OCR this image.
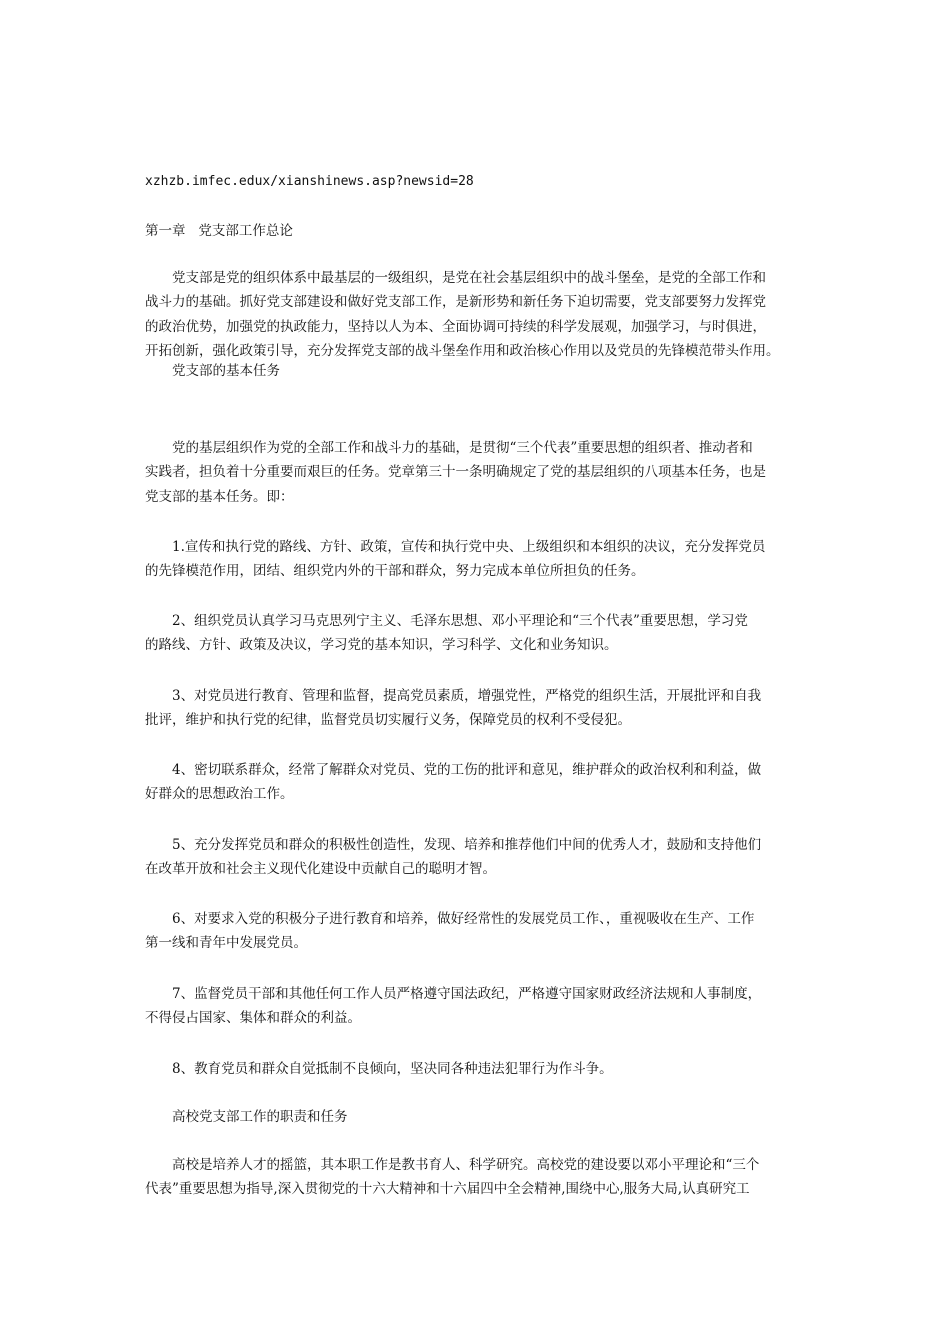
xzhzb.imfec.edux/xianshinews.asp?newsid=28
第一章   党支部工作总论
党支部是党的组织体系中最基层的一级组织，是党在社会基层组织中的战斗堡垒，是党的全部工作和
战斗力的基础。抓好党支部建设和做好党支部工作，是新形势和新任务下迫切需要，党支部要努力发挥党
的政治优势，加强党的执政能力，坚持以人为本、全面协调可持续的科学发展观，加强学习，与时俱进，
开拓创新，强化政策引导，充分发挥党支部的战斗堡垒作用和政治核心作用以及党员的先锋模范带头作用。
党支部的基本任务
党的基层组织作为党的全部工作和战斗力的基础，是贯彻“三个代表”重要思想的组织者、推动者和
实践者，担负着十分重要而艰巨的任务。党章第三十一条明确规定了党的基层组织的八项基本任务，也是
党支部的基本任务。即：
1.宣传和执行党的路线、方针、政策，宣传和执行党中央、上级组织和本组织的决议，充分发挥党员
的先锋模范作用，团结、组织党内外的干部和群众，努力完成本单位所担负的任务。
2、组织党员认真学习马克思列宁主义、毛泽东思想、邓小平理论和“三个代表”重要思想，学习党
的路线、方针、政策及决议，学习党的基本知识，学习科学、文化和业务知识。
3、对党员进行教育、管理和监督，提高党员素质，增强党性，严格党的组织生活，开展批评和自我
批评，维护和执行党的纪律，监督党员切实履行义务，保障党员的权利不受侵犯。
4、密切联系群众，经常了解群众对党员、党的工伤的批评和意见，维护群众的政治权利和利益，做
好群众的思想政治工作。
5、充分发挥党员和群众的积极性创造性，发现、培养和推荐他们中间的优秀人才，鼓励和支持他们
在改革开放和社会主义现代化建设中贡献自己的聪明才智。
6、对要求入党的积极分子进行教育和培养，做好经常性的发展党员工作、，重视吸收在生产、工作
第一线和青年中发展党员。
7、监督党员干部和其他任何工作人员严格遵守国法政纪，严格遵守国家财政经济法规和人事制度，
不得侵占国家、集体和群众的利益。
8、教育党员和群众自觉抵制不良倾向，坚决同各种违法犯罪行为作斗争。
高校党支部工作的职责和任务
高校是培养人才的摇篮，其本职工作是教书育人、科学研究。高校党的建设要以邓小平理论和“三个
代表”重要思想为指导,深入贯彻党的十六大精神和十六届四中全会精神,围绕中心,服务大局,认真研究工
